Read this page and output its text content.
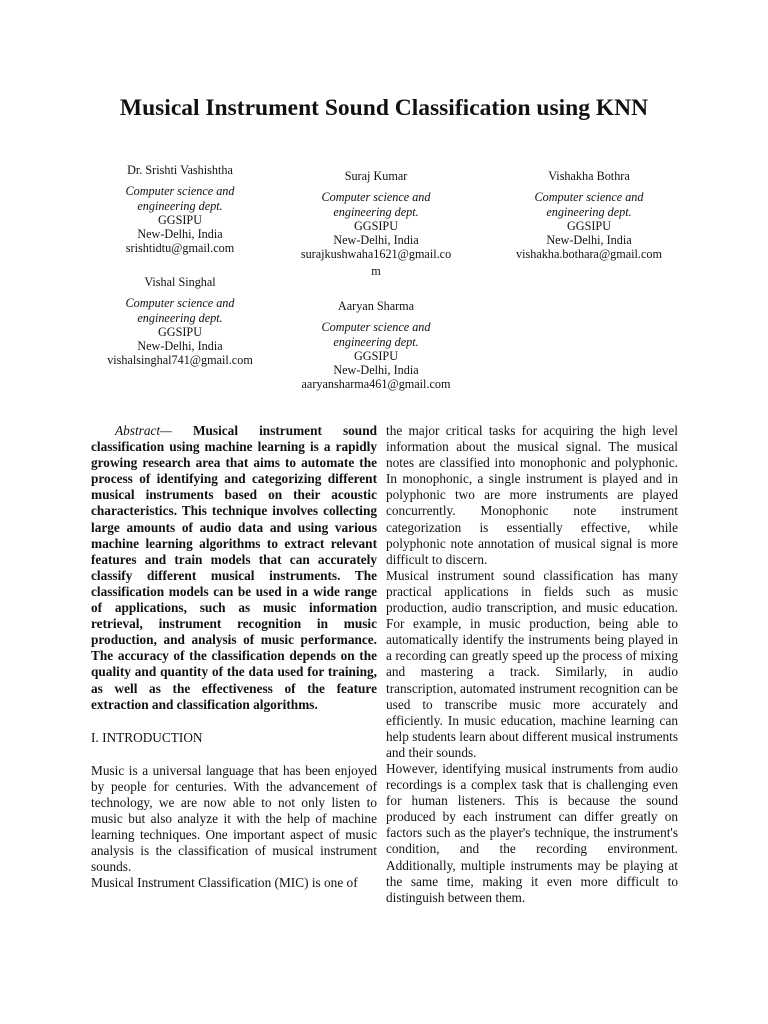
Musical Instrument Sound Classification using KNN
Dr. Srishti Vashishtha
Computer science and
engineering dept.
GGSIPU
New-Delhi, India
srishtidtu@gmail.com
Suraj Kumar
Computer science and
engineering dept.
GGSIPU
New-Delhi, India
surajkushwaha1621@gmail.co
m
Vishakha Bothra
Computer science and
engineering dept.
GGSIPU
New-Delhi, India
vishakha.bothara@gmail.com
Vishal Singhal
Computer science and
engineering dept.
GGSIPU
New-Delhi, India
vishalsinghal741@gmail.com
Aaryan Sharma
Computer science and
engineering dept.
GGSIPU
New-Delhi, India
aaryansharma461@gmail.com

Abstract— Musical instrument sound classification using machine learning is a rapidly growing research area that aims to automate the process of identifying and categorizing different musical instruments based on their acoustic characteristics. This technique involves collecting large amounts of audio data and using various machine learning algorithms to extract relevant features and train models that can accurately classify different musical instruments. The classification models can be used in a wide range of applications, such as music information retrieval, instrument recognition in music production, and analysis of music performance. The accuracy of the classification depends on the quality and quantity of the data used for training, as well as the effectiveness of the feature extraction and classification algorithms.

I. INTRODUCTION

Music is a universal language that has been enjoyed by people for centuries. With the advancement of technology, we are now able to not only listen to music but also analyze it with the help of machine learning techniques. One important aspect of music analysis is the classification of musical instrument sounds.

Musical Instrument Classification (MIC) is one of

the major critical tasks for acquiring the high level information about the musical signal. The musical notes are classified into monophonic and polyphonic. In monophonic, a single instrument is played and in polyphonic two are more instruments are played concurrently. Monophonic note instrument categorization is essentially effective, while polyphonic note annotation of musical signal is more difficult to discern.

Musical instrument sound classification has many practical applications in fields such as music production, audio transcription, and music education. For example, in music production, being able to automatically identify the instruments being played in a recording can greatly speed up the process of mixing and mastering a track. Similarly, in audio transcription, automated instrument recognition can be used to transcribe music more accurately and efficiently. In music education, machine learning can help students learn about different musical instruments and their sounds.

However, identifying musical instruments from audio recordings is a complex task that is challenging even for human listeners. This is because the sound produced by each instrument can differ greatly on factors such as the player's technique, the instrument's condition, and the recording environment. Additionally, multiple instruments may be playing at the same time, making it even more difficult to distinguish between them.
